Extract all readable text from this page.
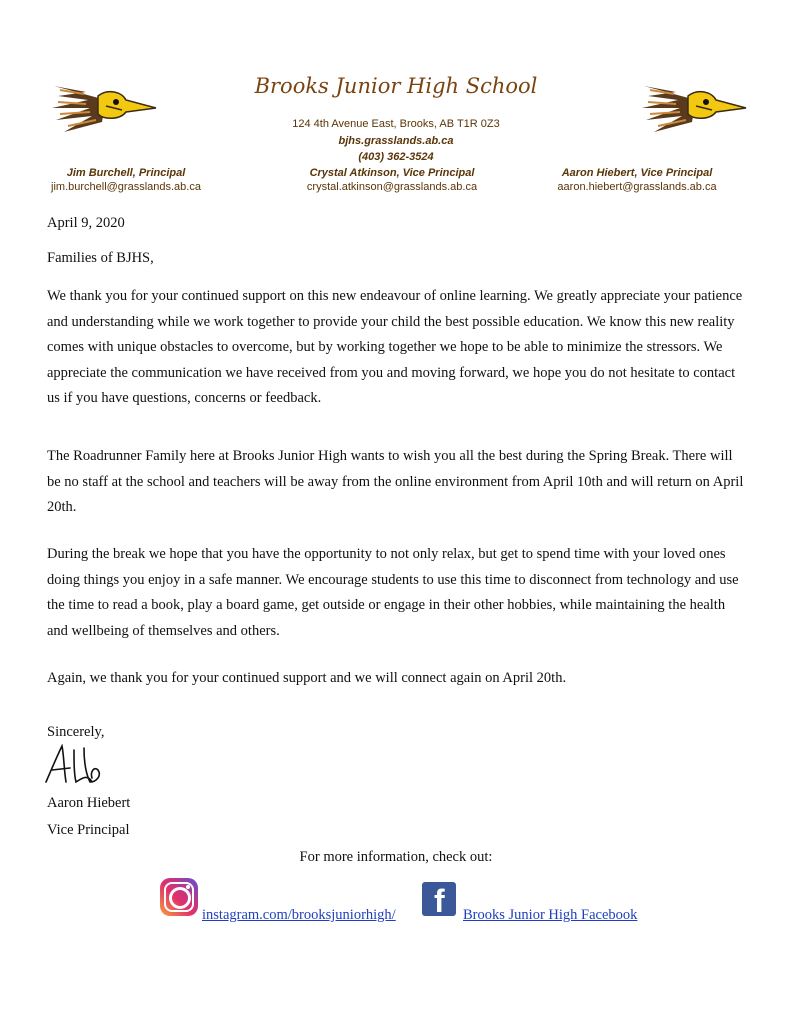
Brooks Junior High School
124 4th Avenue East, Brooks, AB T1R 0Z3
bjhs.grasslands.ab.ca
(403) 362-3524
Jim Burchell, Principal
jim.burchell@grasslands.ab.ca
Crystal Atkinson, Vice Principal
crystal.atkinson@grasslands.ab.ca
Aaron Hiebert, Vice Principal
aaron.hiebert@grasslands.ab.ca
April 9, 2020
Families of BJHS,
We thank you for your continued support on this new endeavour of online learning. We greatly appreciate your patience and understanding while we work together to provide your child the best possible education. We know this new reality comes with unique obstacles to overcome, but by working together we hope to be able to minimize the stressors. We appreciate the communication we have received from you and moving forward, we hope you do not hesitate to contact us if you have questions, concerns or feedback.
The Roadrunner Family here at Brooks Junior High wants to wish you all the best during the Spring Break. There will be no staff at the school and teachers will be away from the online environment from April 10th and will return on April 20th.
During the break we hope that you have the opportunity to not only relax, but get to spend time with your loved ones doing things you enjoy in a safe manner. We encourage students to use this time to disconnect from technology and use the time to read a book, play a board game, get outside or engage in their other hobbies, while maintaining the health and wellbeing of themselves and others.
Again, we thank you for your continued support and we will connect again on April 20th.
Sincerely,
Aaron Hiebert
Vice Principal
For more information, check out:
instagram.com/brooksjuniorhigh/ f	Brooks Junior High Facebook
